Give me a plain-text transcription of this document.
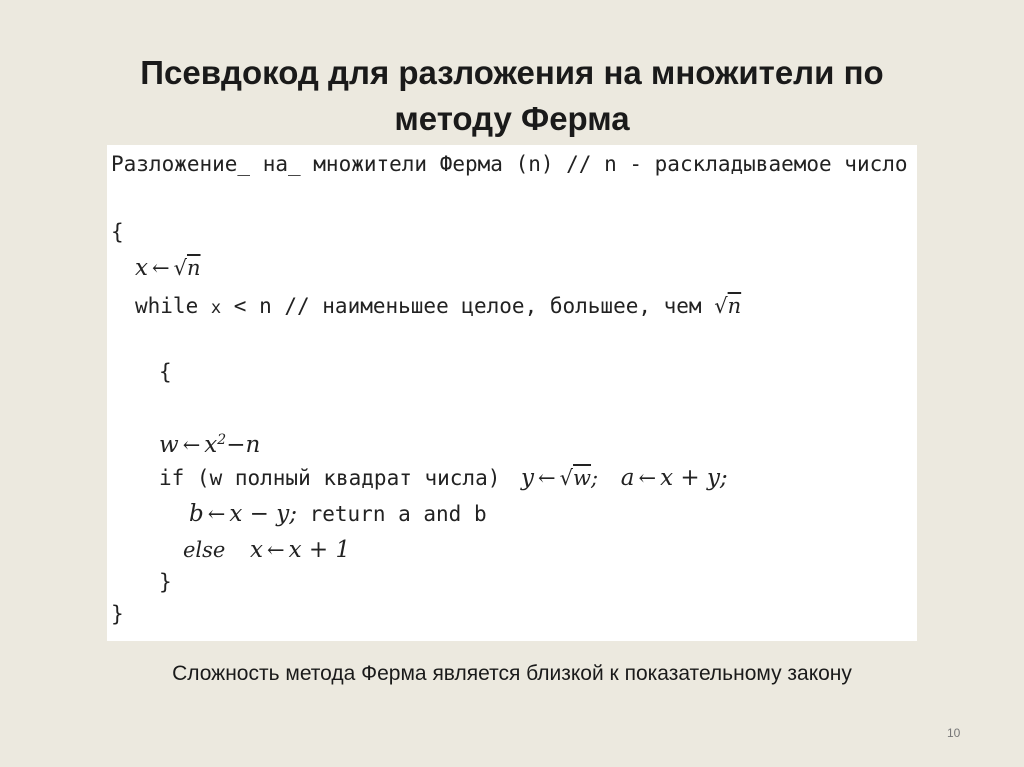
Псевдокод для разложения на множители по
методу Ферма
Разложение_ на_ множители Ферма (n) // n - раскладываемое число
{
x ← √n
while x < n // наименьшее целое, большее, чем √n
{
w ← $x^2-n$
if (w полный квадрат числа) y ← √w; a ← x + y;
b ← x − y; return a and b
else x ← x + 1
}
}
Сложность метода Ферма является близкой к показательному закону
10
